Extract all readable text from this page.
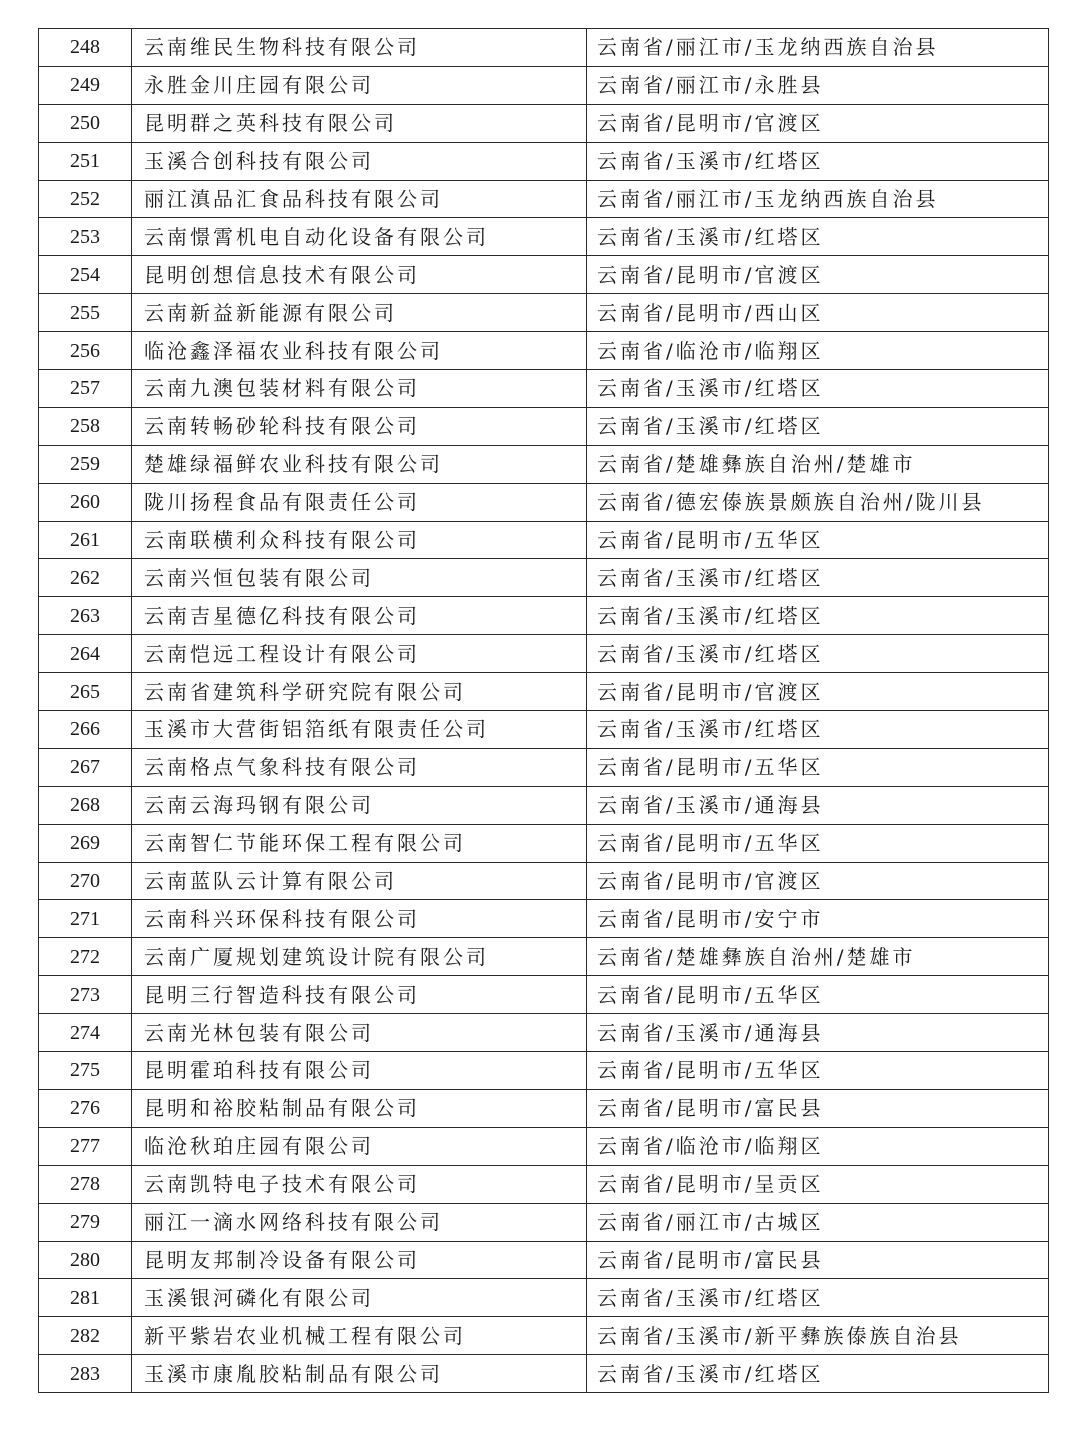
248	云南维民生物科技有限公司	云南省/丽江市/玉龙纳西族自治县
249	永胜金川庄园有限公司	云南省/丽江市/永胜县
250	昆明群之英科技有限公司	云南省/昆明市/官渡区
251	玉溪合创科技有限公司	云南省/玉溪市/红塔区
252	丽江滇品汇食品科技有限公司	云南省/丽江市/玉龙纳西族自治县
253	云南憬霄机电自动化设备有限公司	云南省/玉溪市/红塔区
254	昆明创想信息技术有限公司	云南省/昆明市/官渡区
255	云南新益新能源有限公司	云南省/昆明市/西山区
256	临沧鑫泽福农业科技有限公司	云南省/临沧市/临翔区
257	云南九澳包装材料有限公司	云南省/玉溪市/红塔区
258	云南转畅砂轮科技有限公司	云南省/玉溪市/红塔区
259	楚雄绿福鲜农业科技有限公司	云南省/楚雄彝族自治州/楚雄市
260	陇川扬程食品有限责任公司	云南省/德宏傣族景颇族自治州/陇川县
261	云南联横利众科技有限公司	云南省/昆明市/五华区
262	云南兴恒包装有限公司	云南省/玉溪市/红塔区
263	云南吉星德亿科技有限公司	云南省/玉溪市/红塔区
264	云南恺远工程设计有限公司	云南省/玉溪市/红塔区
265	云南省建筑科学研究院有限公司	云南省/昆明市/官渡区
266	玉溪市大营街铝箔纸有限责任公司	云南省/玉溪市/红塔区
267	云南格点气象科技有限公司	云南省/昆明市/五华区
268	云南云海玛钢有限公司	云南省/玉溪市/通海县
269	云南智仁节能环保工程有限公司	云南省/昆明市/五华区
270	云南蓝队云计算有限公司	云南省/昆明市/官渡区
271	云南科兴环保科技有限公司	云南省/昆明市/安宁市
272	云南广厦规划建筑设计院有限公司	云南省/楚雄彝族自治州/楚雄市
273	昆明三行智造科技有限公司	云南省/昆明市/五华区
274	云南光林包装有限公司	云南省/玉溪市/通海县
275	昆明霍珀科技有限公司	云南省/昆明市/五华区
276	昆明和裕胶粘制品有限公司	云南省/昆明市/富民县
277	临沧秋珀庄园有限公司	云南省/临沧市/临翔区
278	云南凯特电子技术有限公司	云南省/昆明市/呈贡区
279	丽江一滴水网络科技有限公司	云南省/丽江市/古城区
280	昆明友邦制冷设备有限公司	云南省/昆明市/富民县
281	玉溪银河磷化有限公司	云南省/玉溪市/红塔区
282	新平紫岩农业机械工程有限公司	云南省/玉溪市/新平彝族傣族自治县
283	玉溪市康胤胶粘制品有限公司	云南省/玉溪市/红塔区
